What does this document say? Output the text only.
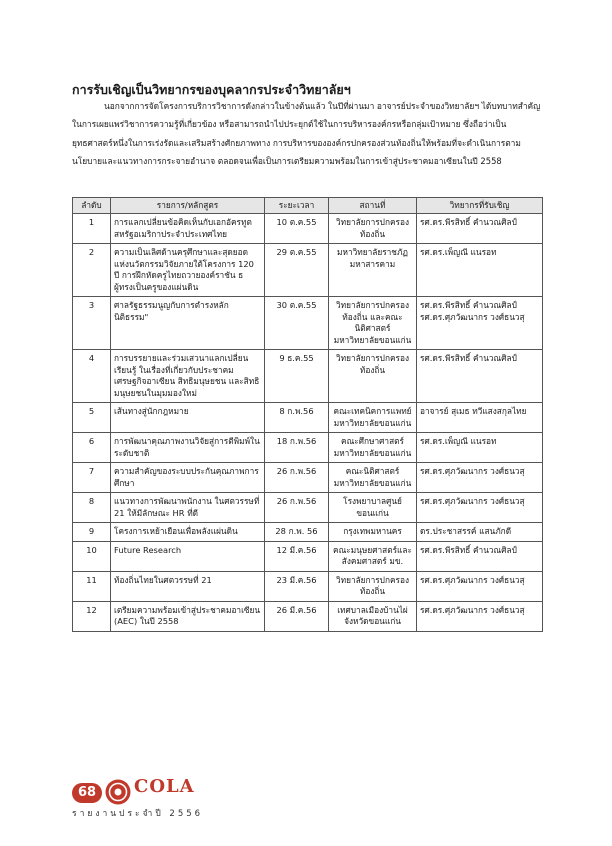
การรับเชิญเป็นวิทยากรของบุคลากรประจำวิทยาลัยฯ

นอกจากการจัดโครงการบริการวิชาการดังกล่าวในข้างต้นแล้ว ในปีที่ผ่านมา อาจารย์ประจำของวิทยาลัยฯ ได้บทบาทสำคัญในการเผยแพร่วิชาการความรู้ที่เกี่ยวข้อง หรือสามารถนำไปประยุกต์ใช้ในการบริหารองค์กรหรือกลุ่มเป้าหมาย ซึ่งถือว่าเป็นยุทธศาสตร์หนึ่งในการเร่งรัดและเสริมสร้างศักยภาพทาง การบริหารขององค์กรปกครองส่วนท้องถิ่นให้พร้อมที่จะดำเนินการตามนโยบายและแนวทางการกระจายอำนาจ ตลอดจนเพื่อเป็นการเตรียมความพร้อมในการเข้าสู่ประชาคมอาเซียนในปี 2558

ลำดับ	รายการ/หลักสูตร	ระยะเวลา	สถานที่	วิทยากรที่รับเชิญ
1	การแลกเปลี่ยนข้อคิดเห็นกับเอกอัครทูตสหรัฐอเมริกาประจำประเทศไทย	10 ต.ค.55	วิทยาลัยการปกครองท้องถิ่น	รศ.ดร.พีรสิทธิ์ คำนวณศิลป์
2	ความเป็นเลิศด้านครุศึกษาและสุดยอดแห่งนวัตกรรมวิจัยภายใต้โครงการ 120 ปี การฝึกหัดครูไทยถวายองค์ราชัน ธ ผู้ทรงเป็นครูของแผ่นดิน	29 ต.ค.55	มหาวิทยาลัยราชภัฏมหาสารคาม	รศ.ดร.เพ็ญณี แนรอท
3	ศาลรัฐธรรมนูญกับการตำรงหลักนิติธรรม"	30 ต.ค.55	วิทยาลัยการปกครองท้องถิ่น และคณะนิติศาสตร์ มหาวิทยาลัยขอนแก่น	รศ.ดร.พีรสิทธิ์ คำนวณศิลป์
รศ.ดร.ศุภวัฒนากร วงศ์ธนวสุ
4	การบรรยายและร่วมเสวนาแลกเปลี่ยนเรียนรู้ ในเรื่องที่เกี่ยวกับประชาคมเศรษฐกิจอาเซียน สิทธิมนุษยชน และสิทธิมนุษยชนในมุมมองใหม่	9 ธ.ค.55	วิทยาลัยการปกครองท้องถิ่น	รศ.ดร.พีรสิทธิ์ คำนวณศิลป์
5	เส้นทางสู่นักกฎหมาย	8 ก.พ.56	คณะเทคนิคการแพทย์ มหาวิทยาลัยขอนแก่น	อาจารย์ สุเมธ ทวีแสงสกุลไทย
6	การพัฒนาคุณภาพงานวิจัยสู่การตีพิมพ์ในระดับชาติ	18 ก.พ.56	คณะศึกษาศาสตร์ มหาวิทยาลัยขอนแก่น	รศ.ดร.เพ็ญณี แนรอท
7	ความสำคัญของระบบประกันคุณภาพการศึกษา	26 ก.พ.56	คณะนิติศาสตร์ มหาวิทยาลัยขอนแก่น	รศ.ดร.ศุภวัฒนากร วงศ์ธนวสุ
8	แนวทางการพัฒนาพนักงาน ในศตวรรษที่ 21 ให้มีลักษณะ HR ที่ดี	26 ก.พ.56	โรงพยาบาลศูนย์ขอนแก่น	รศ.ดร.ศุภวัฒนากร วงศ์ธนวสุ
9	โครงการเหย้าเยือนเพื่อพลังแผ่นดิน	28 ก.พ. 56	กรุงเทพมหานคร	ดร.ประชาสรรค์ แสนภักดี
10	Future Research	12 มี.ค.56	คณะมนุษยศาสตร์และสังคมศาสตร์ มข.	รศ.ดร.พีรสิทธิ์ คำนวณศิลป์
11	ท้องถิ่นไทยในศตวรรษที่ 21	23 มี.ค.56	วิทยาลัยการปกครองท้องถิ่น	รศ.ดร.ศุภวัฒนากร วงศ์ธนวสุ
12	เตรียมความพร้อมเข้าสู่ประชาคมอาเซียน (AEC) ในปี 2558	26 มี.ค.56	เทศบาลเมืองบ้านไผ่ จังหวัดขอนแก่น	รศ.ดร.ศุภวัฒนากร วงศ์ธนวสุ
68	COLA
รายงานประจำปี 2556
